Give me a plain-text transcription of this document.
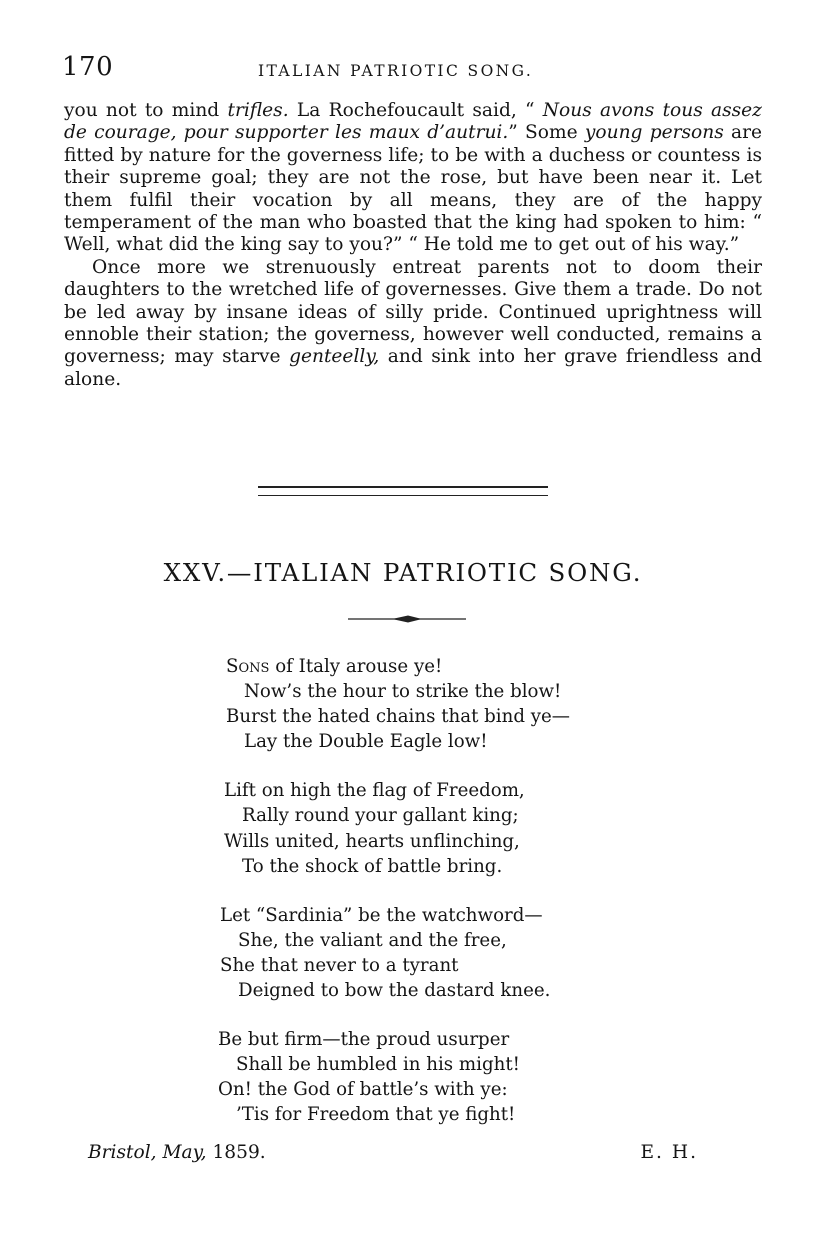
170	ITALIAN PATRIOTIC SONG.

you not to mind trifles. La Rochefoucault said, “ Nous avons tous assez de courage, pour supporter les maux d’autrui.” Some young persons are fitted by nature for the governess life; to be with a duchess or countess is their supreme goal; they are not the rose, but have been near it. Let them fulfil their vocation by all means, they are of the happy temperament of the man who boasted that the king had spoken to him: “ Well, what did the king say to you?” “ He told me to get out of his way.”

Once more we strenuously entreat parents not to doom their daughters to the wretched life of governesses. Give them a trade. Do not be led away by insane ideas of silly pride. Continued uprightness will ennoble their station; the governess, however well conducted, remains a governess; may starve genteelly, and sink into her grave friendless and alone.

XXV.—ITALIAN PATRIOTIC SONG.
Sons of Italy arouse ye!
Now’s the hour to strike the blow!
Burst the hated chains that bind ye—
Lay the Double Eagle low!
Lift on high the flag of Freedom,
Rally round your gallant king;
Wills united, hearts unflinching,
To the shock of battle bring.
Let “Sardinia” be the watchword—
She, the valiant and the free,
She that never to a tyrant
Deigned to bow the dastard knee.
Be but firm—the proud usurper
Shall be humbled in his might!
On! the God of battle’s with ye:
’Tis for Freedom that ye fight!
Bristol, May, 1859.	E. H.
